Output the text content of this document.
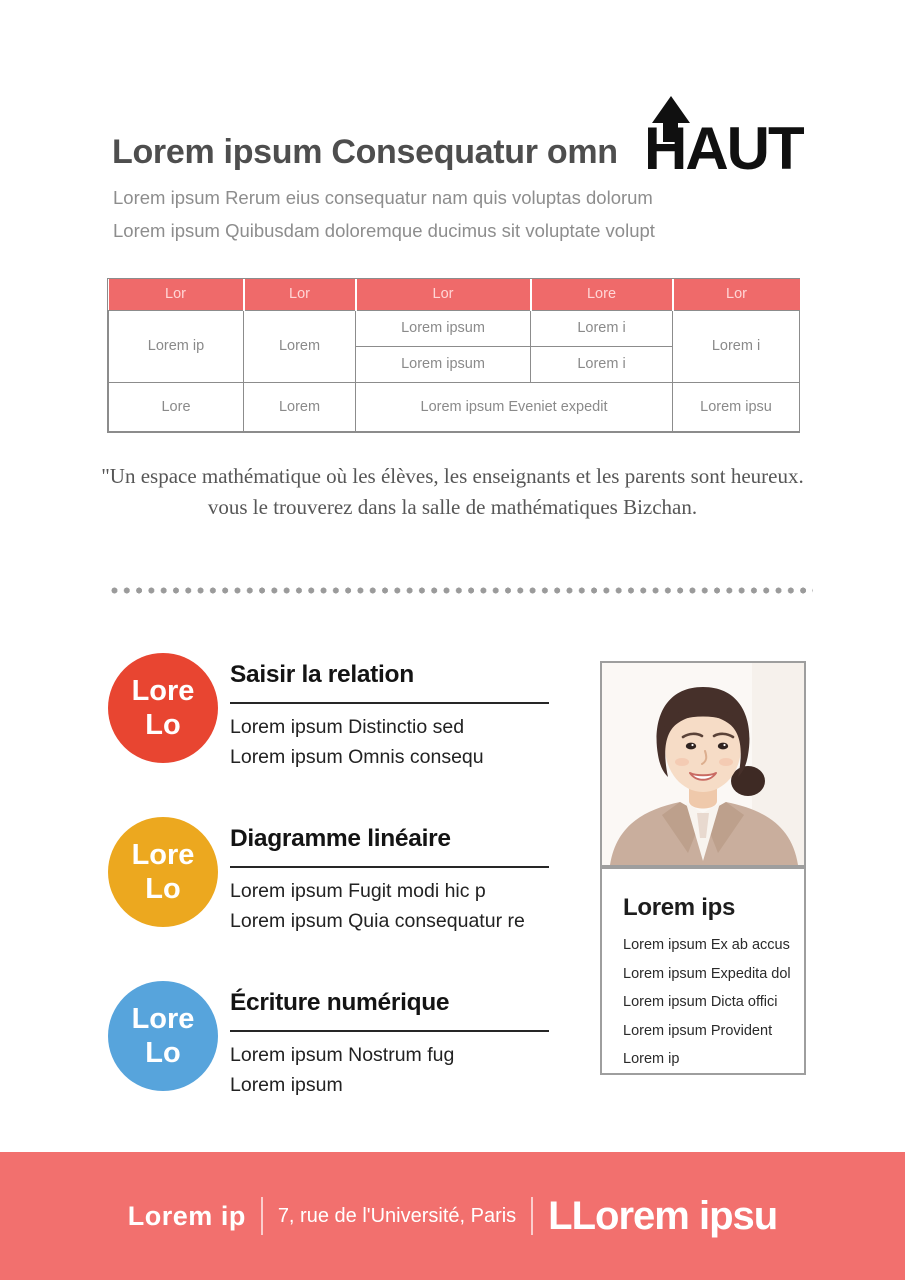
Lorem ipsum Consequatur omn HAUT
Lorem ipsum Rerum eius consequatur nam quis voluptas dolorum
Lorem ipsum Quibusdam doloremque ducimus sit voluptate volupt
Lor	Lor	Lor	Lore	Lor
Lorem ip	Lorem	Lorem ipsum	Lorem i	Lorem i
		Lorem ipsum	Lorem i	
Lore	Lorem	Lorem ipsum Eveniet expedit		Lorem ipsu
"Un espace mathématique où les élèves, les enseignants et les parents sont heureux.
vous le trouverez dans la salle de mathématiques Bizchan.
Lore
Lo
Saisir la relation
Lorem ipsum Distinctio sed
Lorem ipsum Omnis consequ
Lore
Lo
Diagramme linéaire
Lorem ipsum Fugit modi hic p
Lorem ipsum Quia consequatur re
Lore
Lo
Écriture numérique
Lorem ipsum Nostrum fug
Lorem ipsum
Lorem ips
Lorem ipsum Ex ab accus
Lorem ipsum Expedita dol
Lorem ipsum Dicta offici
Lorem ipsum Provident
Lorem ip
Lorem ip 7, rue de l'Université, Paris LLorem ipsu
